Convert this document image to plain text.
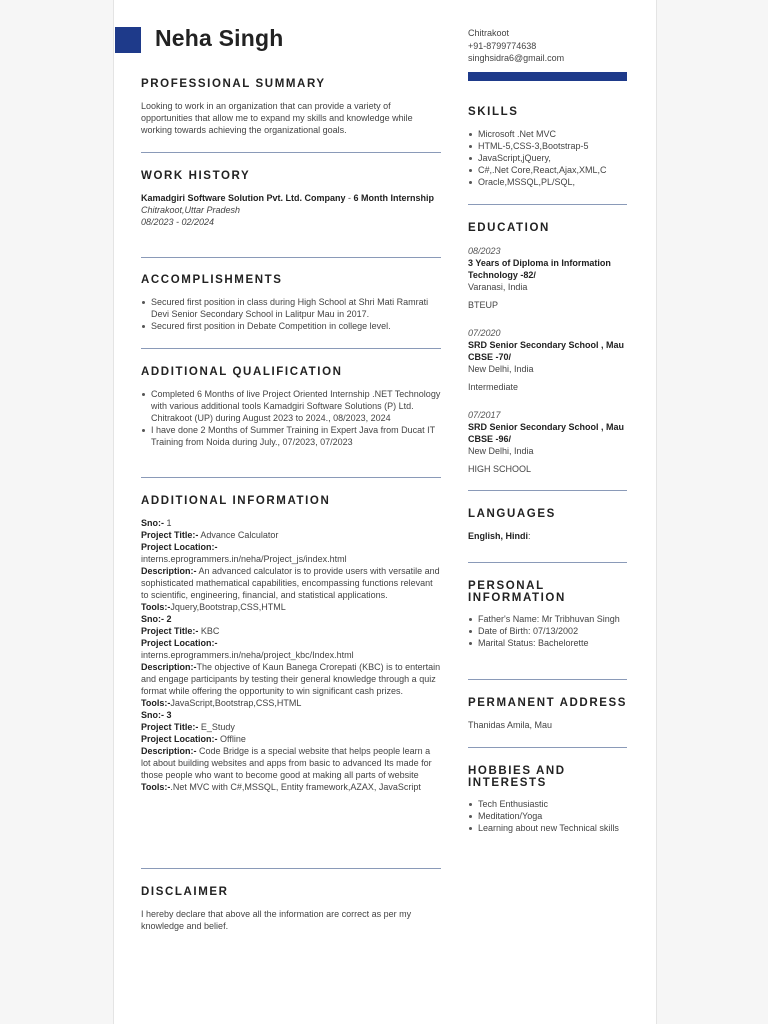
Neha Singh	Chitrakoot
+91-8799774638
singhsidra6@gmail.com
PROFESSIONAL SUMMARY

Looking to work in an organization that can provide a variety of opportunities that allow me to expand my skills and knowledge while working towards achieving the organizational goals.

WORK HISTORY
Kamadgiri Software Solution Pvt. Ltd. Company - 6 Month Internship
Chitrakoot,Uttar Pradesh
08/2023 - 02/2024
ACCOMPLISHMENTS
Secured first position in class during High School at Shri Mati Ramrati Devi Senior Secondary School in Lalitpur Mau in 2017.
Secured first position in Debate Competition in college level.
ADDITIONAL QUALIFICATION
Completed 6 Months of live Project Oriented Internship .NET Technology with various additional tools Kamadgiri Software Solutions (P) Ltd. Chitrakoot (UP) during August 2023 to 2024., 08/2023, 2024
I have done 2 Months of Summer Training in Expert Java from Ducat IT Training from Noida during July., 07/2023, 07/2023
ADDITIONAL INFORMATION
Sno:- 1
Project Title:- Advance Calculator
Project Location:-
interns.eprogrammers.in/neha/Project_js/index.html
Description:- An advanced calculator is to provide users with versatile and sophisticated mathematical capabilities, encompassing functions relevant to scientific, engineering, financial, and statistical applications.
Tools:-Jquery,Bootstrap,CSS,HTML
Sno:- 2
Project Title:- KBC
Project Location:-
interns.eprogrammers.in/neha/project_kbc/Index.html
Description:-The objective of Kaun Banega Crorepati (KBC) is to entertain and engage participants by testing their general knowledge through a quiz format while offering the opportunity to win significant cash prizes.
Tools:-JavaScript,Bootstrap,CSS,HTML
Sno:- 3
Project Title:- E_Study
Project Location:- Offline
Description:- Code Bridge is a special website that helps people learn a lot about building websites and apps from basic to advanced Its made for those people who want to become good at making all parts of website
Tools:-.Net MVC with C#,MSSQL, Entity framework,AZAX, JavaScript
DISCLAIMER

I hereby declare that above all the information are correct as per my knowledge and belief.

SKILLS
Microsoft .Net MVC
HTML-5,CSS-3,Bootstrap-5
JavaScript,jQuery,
C#,.Net Core,React,Ajax,XML,C
Oracle,MSSQL,PL/SQL,
EDUCATION
08/2023
3 Years of Diploma in Information Technology -82/
Varanasi, India
BTEUP
07/2020
SRD Senior Secondary School , Mau CBSE -70/
New Delhi, India
Intermediate
07/2017
SRD Senior Secondary School , Mau CBSE -96/
New Delhi, India
HIGH SCHOOL
LANGUAGES
English, Hindi:
PERSONAL INFORMATION
Father's Name: Mr Tribhuvan Singh
Date of Birth: 07/13/2002
Marital Status: Bachelorette
PERMANENT ADDRESS

Thanidas Amila, Mau

HOBBIES AND INTERESTS
Tech Enthusiastic
Meditation/Yoga
Learning about new Technical skills
